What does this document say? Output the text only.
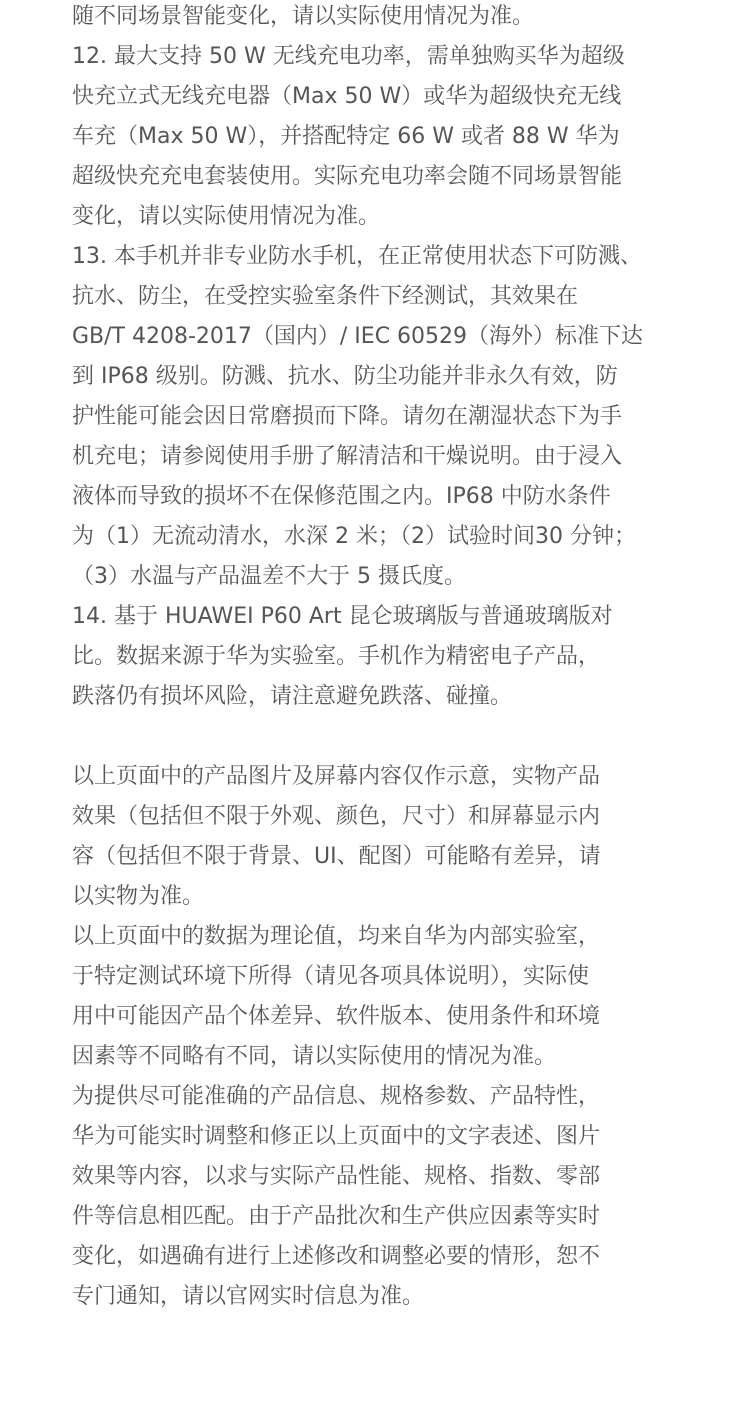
随不同场景智能变化，请以实际使用情况为准。
12. 最大支持 50 W 无线充电功率，需单独购买华为超级
快充立式无线充电器（Max 50 W）或华为超级快充无线
车充（Max 50 W），并搭配特定 66 W 或者 88 W 华为
超级快充充电套装使用。实际充电功率会随不同场景智能
变化，请以实际使用情况为准。
13. 本手机并非专业防水手机，在正常使用状态下可防溅、
抗水、防尘，在受控实验室条件下经测试，其效果在
GB/T 4208-2017（国内）/ IEC 60529（海外）标准下达
到 IP68 级别。防溅、抗水、防尘功能并非永久有效，防
护性能可能会因日常磨损而下降。请勿在潮湿状态下为手
机充电；请参阅使用手册了解清洁和干燥说明。由于浸入
液体而导致的损坏不在保修范围之内。IP68 中防水条件
为（1）无流动清水，水深 2 米；（2）试验时间30 分钟；
（3）水温与产品温差不大于 5 摄氏度。
14. 基于 HUAWEI P60 Art 昆仑玻璃版与普通玻璃版对
比。数据来源于华为实验室。手机作为精密电子产品，
跌落仍有损坏风险，请注意避免跌落、碰撞。
以上页面中的产品图片及屏幕内容仅作示意，实物产品
效果（包括但不限于外观、颜色，尺寸）和屏幕显示内
容（包括但不限于背景、UI、配图）可能略有差异，请
以实物为准。
以上页面中的数据为理论值，均来自华为内部实验室，
于特定测试环境下所得（请见各项具体说明），实际使
用中可能因产品个体差异、软件版本、使用条件和环境
因素等不同略有不同，请以实际使用的情况为准。
为提供尽可能准确的产品信息、规格参数、产品特性，
华为可能实时调整和修正以上页面中的文字表述、图片
效果等内容，以求与实际产品性能、规格、指数、零部
件等信息相匹配。由于产品批次和生产供应因素等实时
变化，如遇确有进行上述修改和调整必要的情形，恕不
专门通知，请以官网实时信息为准。
